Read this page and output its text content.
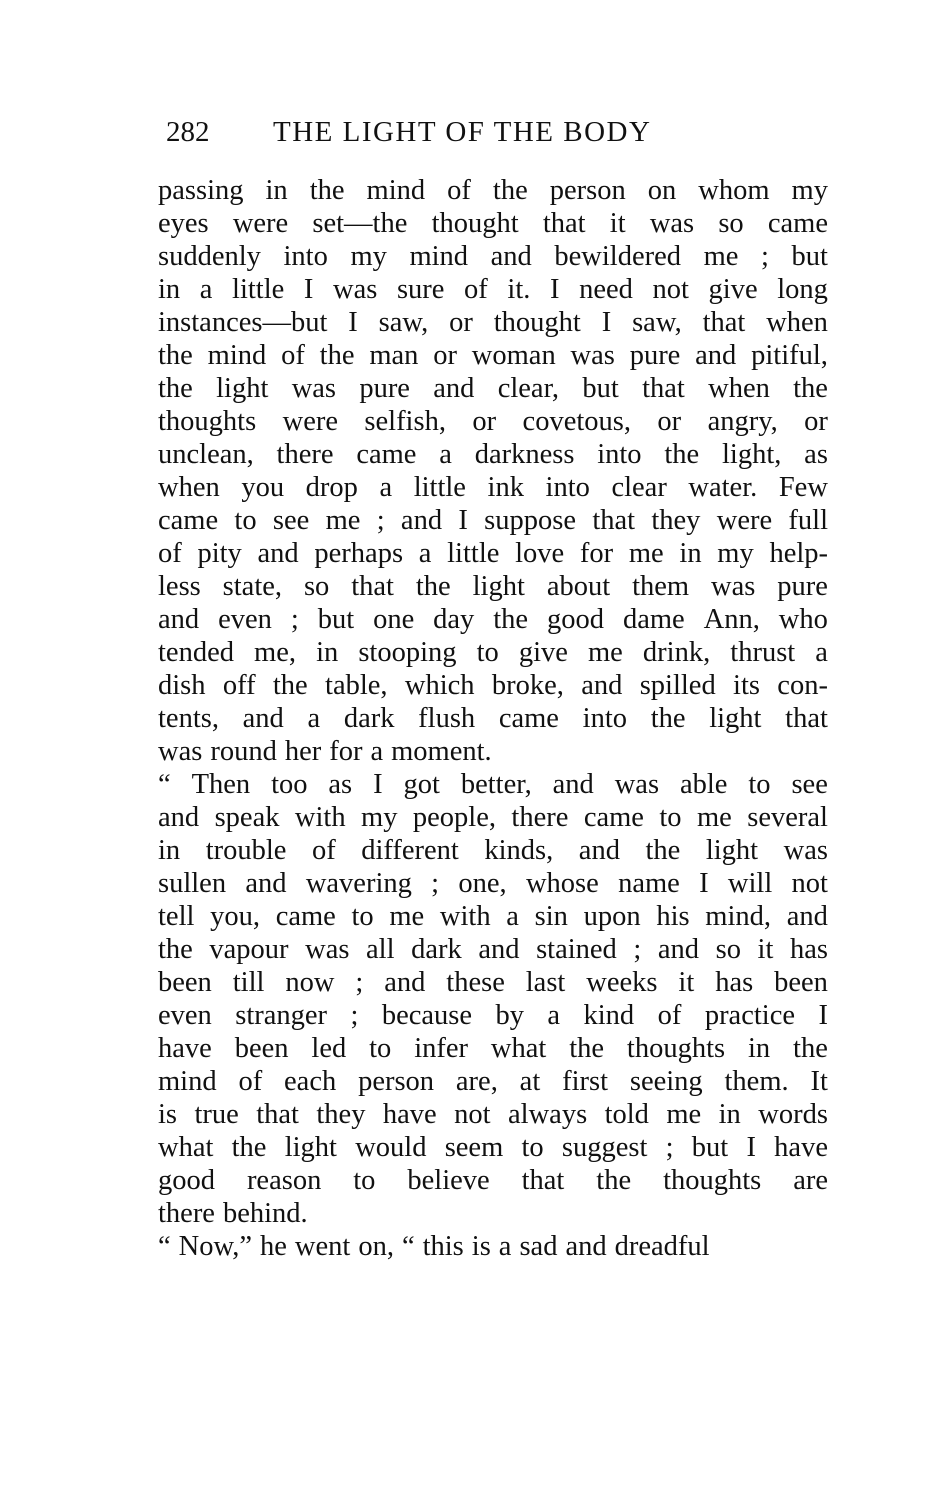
282 THE LIGHT OF THE BODY
passing in the mind of the person on whom my
eyes were set—the thought that it was so came
suddenly into my mind and bewildered me ; but
in a little I was sure of it. I need not give long
instances—but I saw, or thought I saw, that when
the mind of the man or woman was pure and pitiful,
the light was pure and clear, but that when the
thoughts were selfish, or covetous, or angry, or
unclean, there came a darkness into the light, as
when you drop a little ink into clear water. Few
came to see me ; and I suppose that they were full
of pity and perhaps a little love for me in my help-
less state, so that the light about them was pure
and even ; but one day the good dame Ann, who
tended me, in stooping to give me drink, thrust a
dish off the table, which broke, and spilled its con-
tents, and a dark flush came into the light that
was round her for a moment.
“ Then too as I got better, and was able to see
and speak with my people, there came to me several
in trouble of different kinds, and the light was
sullen and wavering ; one, whose name I will not
tell you, came to me with a sin upon his mind, and
the vapour was all dark and stained ; and so it has
been till now ; and these last weeks it has been
even stranger ; because by a kind of practice I
have been led to infer what the thoughts in the
mind of each person are, at first seeing them. It
is true that they have not always told me in words
what the light would seem to suggest ; but I have
good reason to believe that the thoughts are
there behind.
“ Now,” he went on, “ this is a sad and dreadful
